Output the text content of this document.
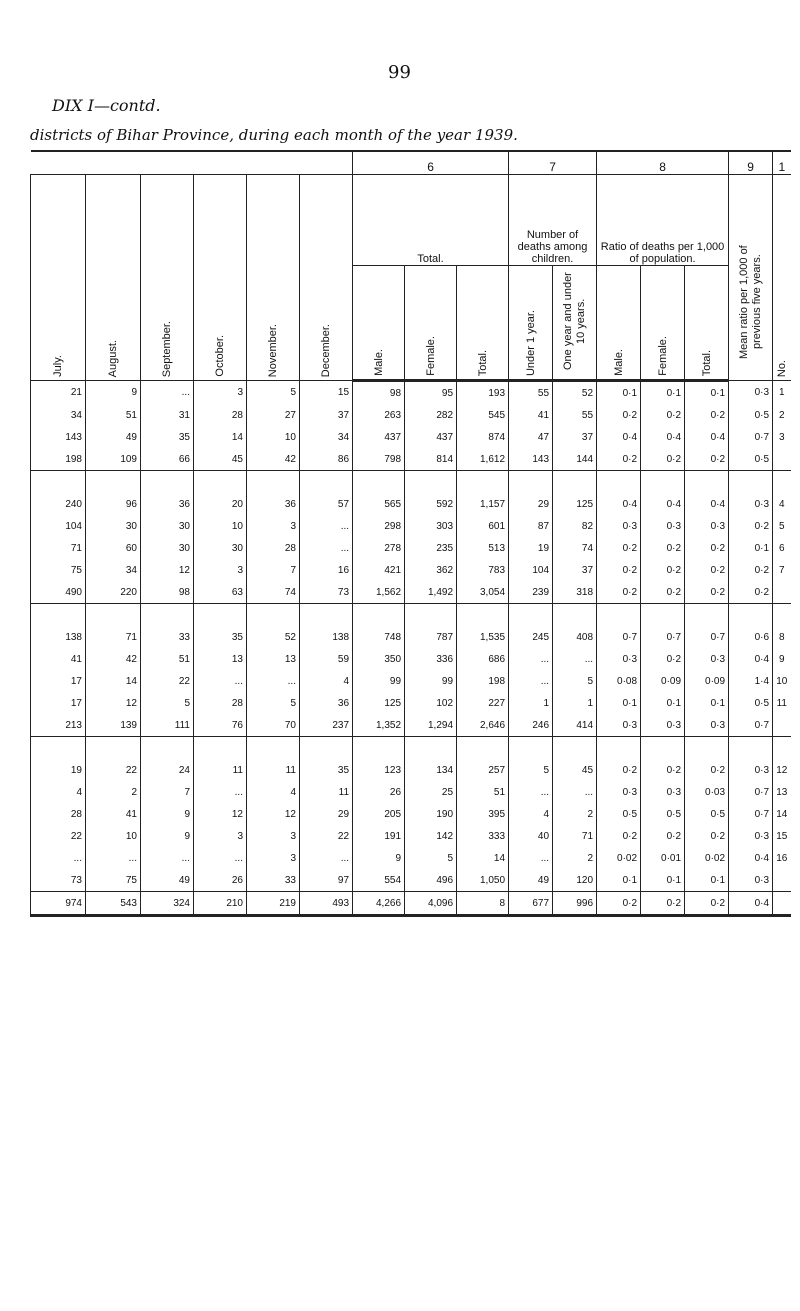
99
DIX I—contd.
districts of Bihar Province, during each month of the year 1939.
						6			7		8			9	1
July.	August.	September.	October.	November.	December.	Total.			Number of deaths among children.		Ratio of deaths per 1,000 of population.			Mean ratio per 1,000 of previous five years.	No.
						Male.	Female.	Total.	Under 1 year.	One year and under 10 years.	Male.	Female.	Total.		
21	9	...	3	5	15	98	95	193	55	52	0·1	0·1	0·1	0·3	1
34	51	31	28	27	37	263	282	545	41	55	0·2	0·2	0·2	0·5	2
143	49	35	14	10	34	437	437	874	47	37	0·4	0·4	0·4	0·7	3
198	109	66	45	42	86	798	814	1,612	143	144	0·2	0·2	0·2	0·5	

240	96	36	20	36	57	565	592	1,157	29	125	0·4	0·4	0·4	0·3	4
104	30	30	10	3	...	298	303	601	87	82	0·3	0·3	0·3	0·2	5
71	60	30	30	28	...	278	235	513	19	74	0·2	0·2	0·2	0·1	6
75	34	12	3	7	16	421	362	783	104	37	0·2	0·2	0·2	0·2	7
490	220	98	63	74	73	1,562	1,492	3,054	239	318	0·2	0·2	0·2	0·2	

138	71	33	35	52	138	748	787	1,535	245	408	0·7	0·7	0·7	0·6	8
41	42	51	13	13	59	350	336	686	...	...	0·3	0·2	0·3	0·4	9
17	14	22	...	...	4	99	99	198	...	5	0·08	0·09	0·09	1·4	10
17	12	5	28	5	36	125	102	227	1	1	0·1	0·1	0·1	0·5	11
213	139	111	76	70	237	1,352	1,294	2,646	246	414	0·3	0·3	0·3	0·7	

19	22	24	11	11	35	123	134	257	5	45	0·2	0·2	0·2	0·3	12
4	2	7	...	4	11	26	25	51	...	...	0·3	0·3	0·03	0·7	13
28	41	9	12	12	29	205	190	395	4	2	0·5	0·5	0·5	0·7	14
22	10	9	3	3	22	191	142	333	40	71	0·2	0·2	0·2	0·3	15
...	...	...	...	3	...	9	5	14	...	2	0·02	0·01	0·02	0·4	16
73	75	49	26	33	97	554	496	1,050	49	120	0·1	0·1	0·1	0·3	
974	543	324	210	219	493	4,266	4,096	8	677	996	0·2	0·2	0·2	0·4	
